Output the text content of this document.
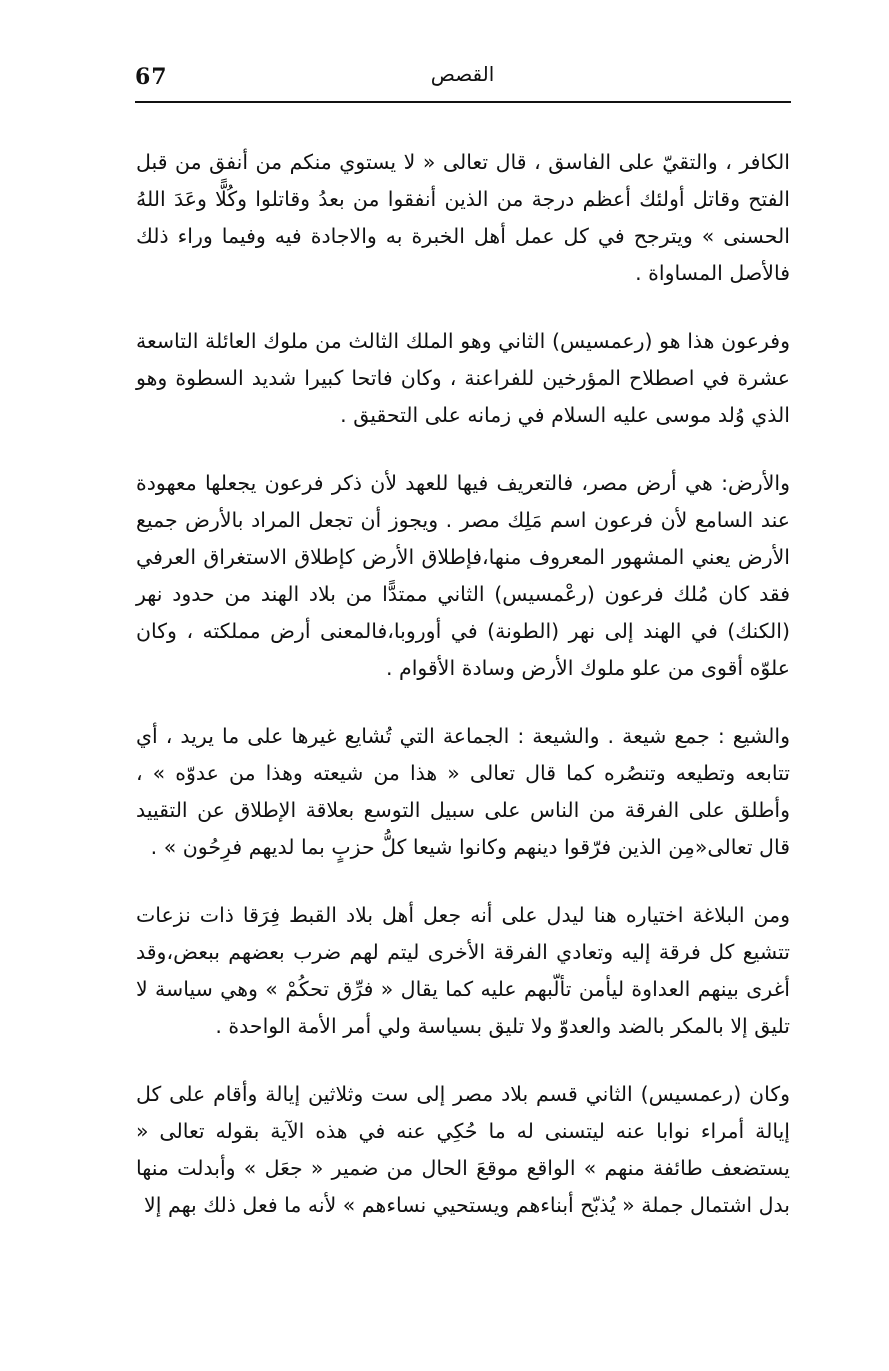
67	القصص

الكافر ، والتقيّ على الفاسق ، قال تعالى « لا يستوي منكم من أنفق من قبل الفتح وقاتل أولئك أعظم درجة من الذين أنفقوا من بعدُ وقاتلوا وكُلًّا وعَدَ اللهُ الحسنى » ويترجح في كل عمل أهل الخبرة به والاجادة فيه وفيما وراء ذلك فالأصل المساواة .

وفرعون هذا هو (رعمسيس) الثاني وهو الملك الثالث من ملوك العائلة التاسعة عشرة في اصطلاح المؤرخين للفراعنة ، وكان فاتحا كبيرا شديد السطوة وهو الذي وُلد موسى عليه السلام في زمانه على التحقيق .

والأرض: هي أرض مصر، فالتعريف فيها للعهد لأن ذكر فرعون يجعلها معهودة عند السامع لأن فرعون اسم مَلِك مصر . ويجوز أن تجعل المراد بالأرض جميع الأرض يعني المشهور المعروف منها،فإطلاق الأرض كإطلاق الاستغراق العرفي فقد كان مُلك فرعون (رعْمسيس) الثاني ممتدًّا من بلاد الهند من حدود نهر (الكنك) في الهند إلى نهر (الطونة) في أوروبا،فالمعنى أرض مملكته ، وكان علوّه أقوى من علو ملوك الأرض وسادة الأقوام .

والشيع : جمع شيعة . والشيعة : الجماعة التي تُشايع غيرها على ما يريد ، أي تتابعه وتطيعه وتنصُره كما قال تعالى « هذا من شيعته وهذا من عدوّه » ، وأطلق على الفرقة من الناس على سبيل التوسع بعلاقة الإطلاق عن التقييد قال تعالى«مِن الذين فرّقوا دينهم وكانوا شيعا كلُّ حزبٍ بما لديهم فرِحُون » .

ومن البلاغة اختياره هنا ليدل على أنه جعل أهل بلاد القبط فِرَقا ذات نزعات تتشيع كل فرقة إليه وتعادي الفرقة الأخرى ليتم لهم ضرب بعضهم ببعض،وقد أغرى بينهم العداوة ليأمن تألّبهم عليه كما يقال « فرِّق تحكُمْ » وهي سياسة لا تليق إلا بالمكر بالضد والعدوّ ولا تليق بسياسة ولي أمر الأمة الواحدة .

وكان (رعمسيس) الثاني قسم بلاد مصر إلى ست وثلاثين إيالة وأقام على كل إيالة أمراء نوابا عنه ليتسنى له ما حُكِي عنه في هذه الآية بقوله تعالى « يستضعف طائفة منهم » الواقع موقعَ الحال من ضمير « جعَل » وأبدلت منها بدل اشتمال جملة « يُذبّح أبناءهم ويستحيي نساءهم » لأنه ما فعل ذلك بهم إلا
